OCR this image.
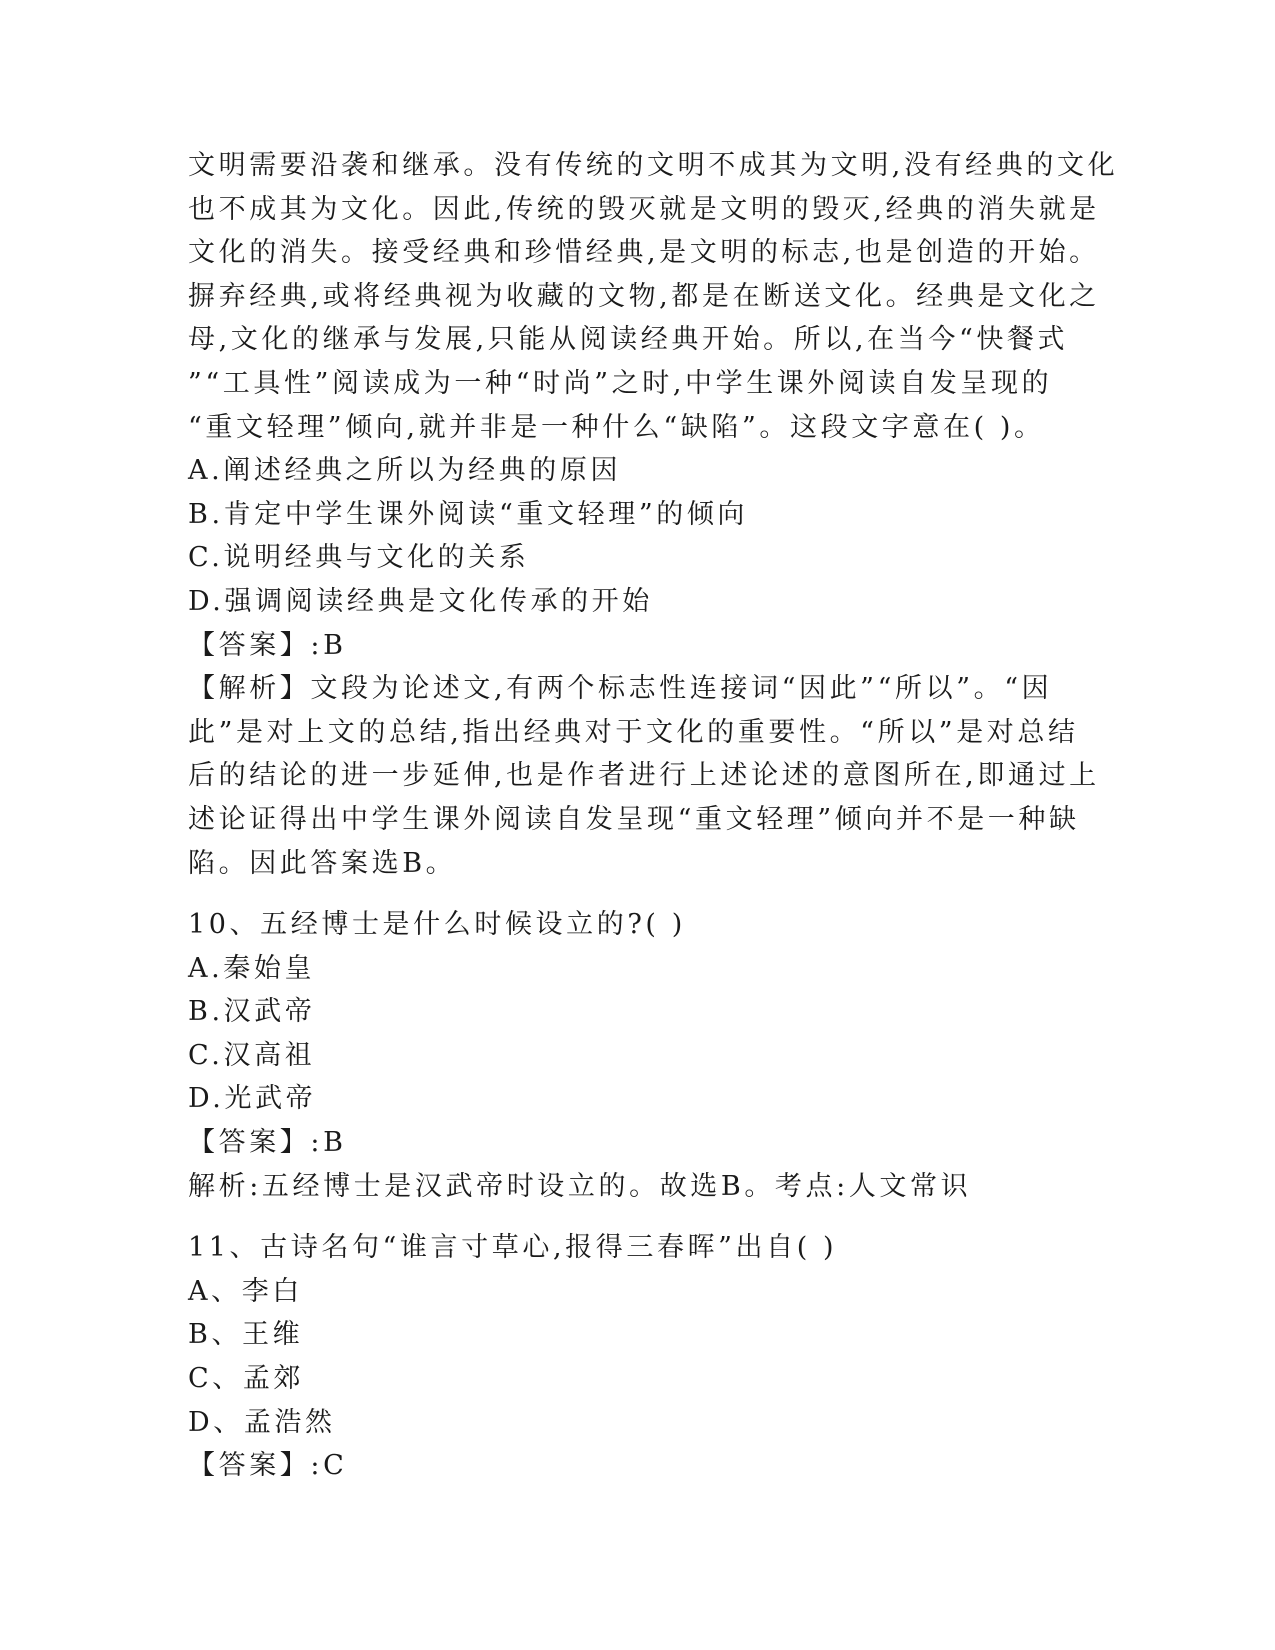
文明需要沿袭和继承。没有传统的文明不成其为文明,没有经典的文化
也不成其为文化。因此,传统的毁灭就是文明的毁灭,经典的消失就是
文化的消失。接受经典和珍惜经典,是文明的标志,也是创造的开始。
摒弃经典,或将经典视为收藏的文物,都是在断送文化。经典是文化之
母,文化的继承与发展,只能从阅读经典开始。所以,在当今“快餐式
”“工具性”阅读成为一种“时尚”之时,中学生课外阅读自发呈现的
“重文轻理”倾向,就并非是一种什么“缺陷”。这段文字意在( )。
A.阐述经典之所以为经典的原因
B.肯定中学生课外阅读“重文轻理”的倾向
C.说明经典与文化的关系
D.强调阅读经典是文化传承的开始
【答案】:B
【解析】文段为论述文,有两个标志性连接词“因此”“所以”。“因
此”是对上文的总结,指出经典对于文化的重要性。“所以”是对总结
后的结论的进一步延伸,也是作者进行上述论述的意图所在,即通过上
述论证得出中学生课外阅读自发呈现“重文轻理”倾向并不是一种缺
陷。因此答案选B。
10、五经博士是什么时候设立的?( )
A.秦始皇
B.汉武帝
C.汉高祖
D.光武帝
【答案】:B
解析:五经博士是汉武帝时设立的。故选B。考点:人文常识
11、古诗名句“谁言寸草心,报得三春晖”出自( )
A、李白
B、王维
C、孟郊
D、孟浩然
【答案】:C
